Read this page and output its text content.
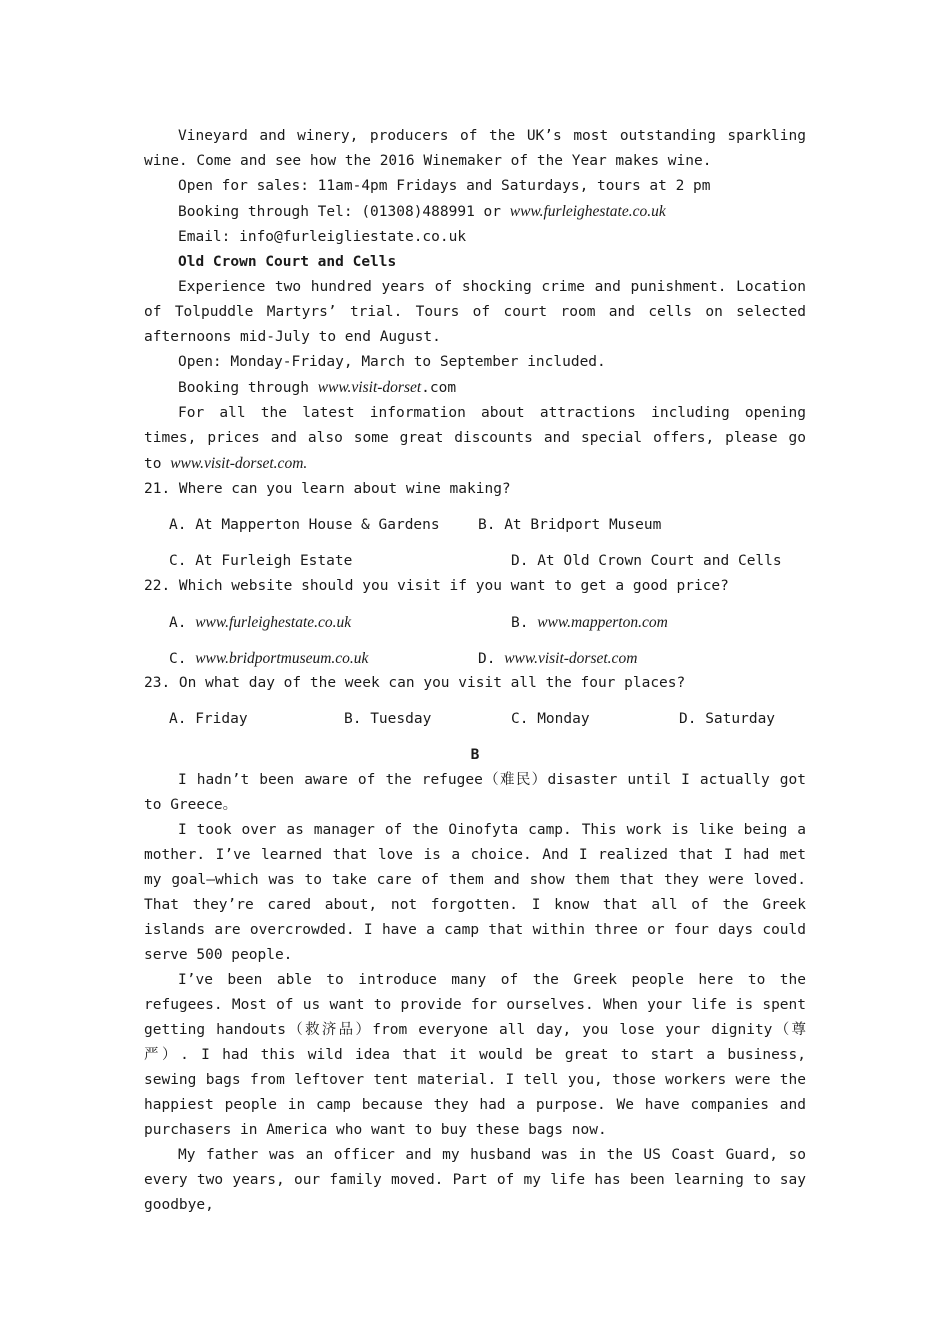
Vineyard and winery, producers of the UK’s most outstanding sparkling wine. Come and see how the 2016 Winemaker of the Year makes wine.

Open for sales: 11am-4pm Fridays and Saturdays, tours at 2 pm

Booking through Tel: (01308)488991 or www.furleighestate.co.uk

Email: info@furleigliestate.co.uk

Old Crown Court and Cells

Experience two hundred years of shocking crime and punishment. Location of Tolpuddle Martyrs’ trial. Tours of court room and cells on selected afternoons mid-July to end August.

Open: Monday-Friday, March to September included.

Booking through www.visit-dorset.com

For all the latest information about attractions including opening times, prices and also some great discounts and special offers, please go to www.visit-dorset.com.

21. Where can you learn about wine making?

A. At Mapperton House & Gardens	B. At Bridport Museum
C. At Furleigh Estate	D. At Old Crown Court and Cells

22. Which website should you visit if you want to get a good price?

A. www.furleighestate.co.uk	B. www.mapperton.com
C. www.bridportmuseum.co.uk	D. www.visit-dorset.com

23. On what day of the week can you visit all the four places?

A. Friday	B. Tuesday	C. Monday	D. Saturday
B

I hadn’t been aware of the refugee（难民）disaster until I actually got to Greece。

I took over as manager of the Oinofyta camp. This work is like being a mother. I’ve learned that love is a choice. And I realized that I had met my goal—which was to take care of them and show them that they were loved. That they’re cared about, not forgotten. I know that all of the Greek islands are overcrowded. I have a camp that within three or four days could serve 500 people.

I’ve been able to introduce many of the Greek people here to the refugees. Most of us want to provide for ourselves. When your life is spent getting handouts（救济品）from everyone all day, you lose your dignity（尊严）. I had this wild idea that it would be great to start a business, sewing bags from leftover tent material. I tell you, those workers were the happiest people in camp because they had a purpose. We have companies and purchasers in America who want to buy these bags now.

My father was an officer and my husband was in the US Coast Guard, so every two years, our family moved. Part of my life has been learning to say goodbye,
